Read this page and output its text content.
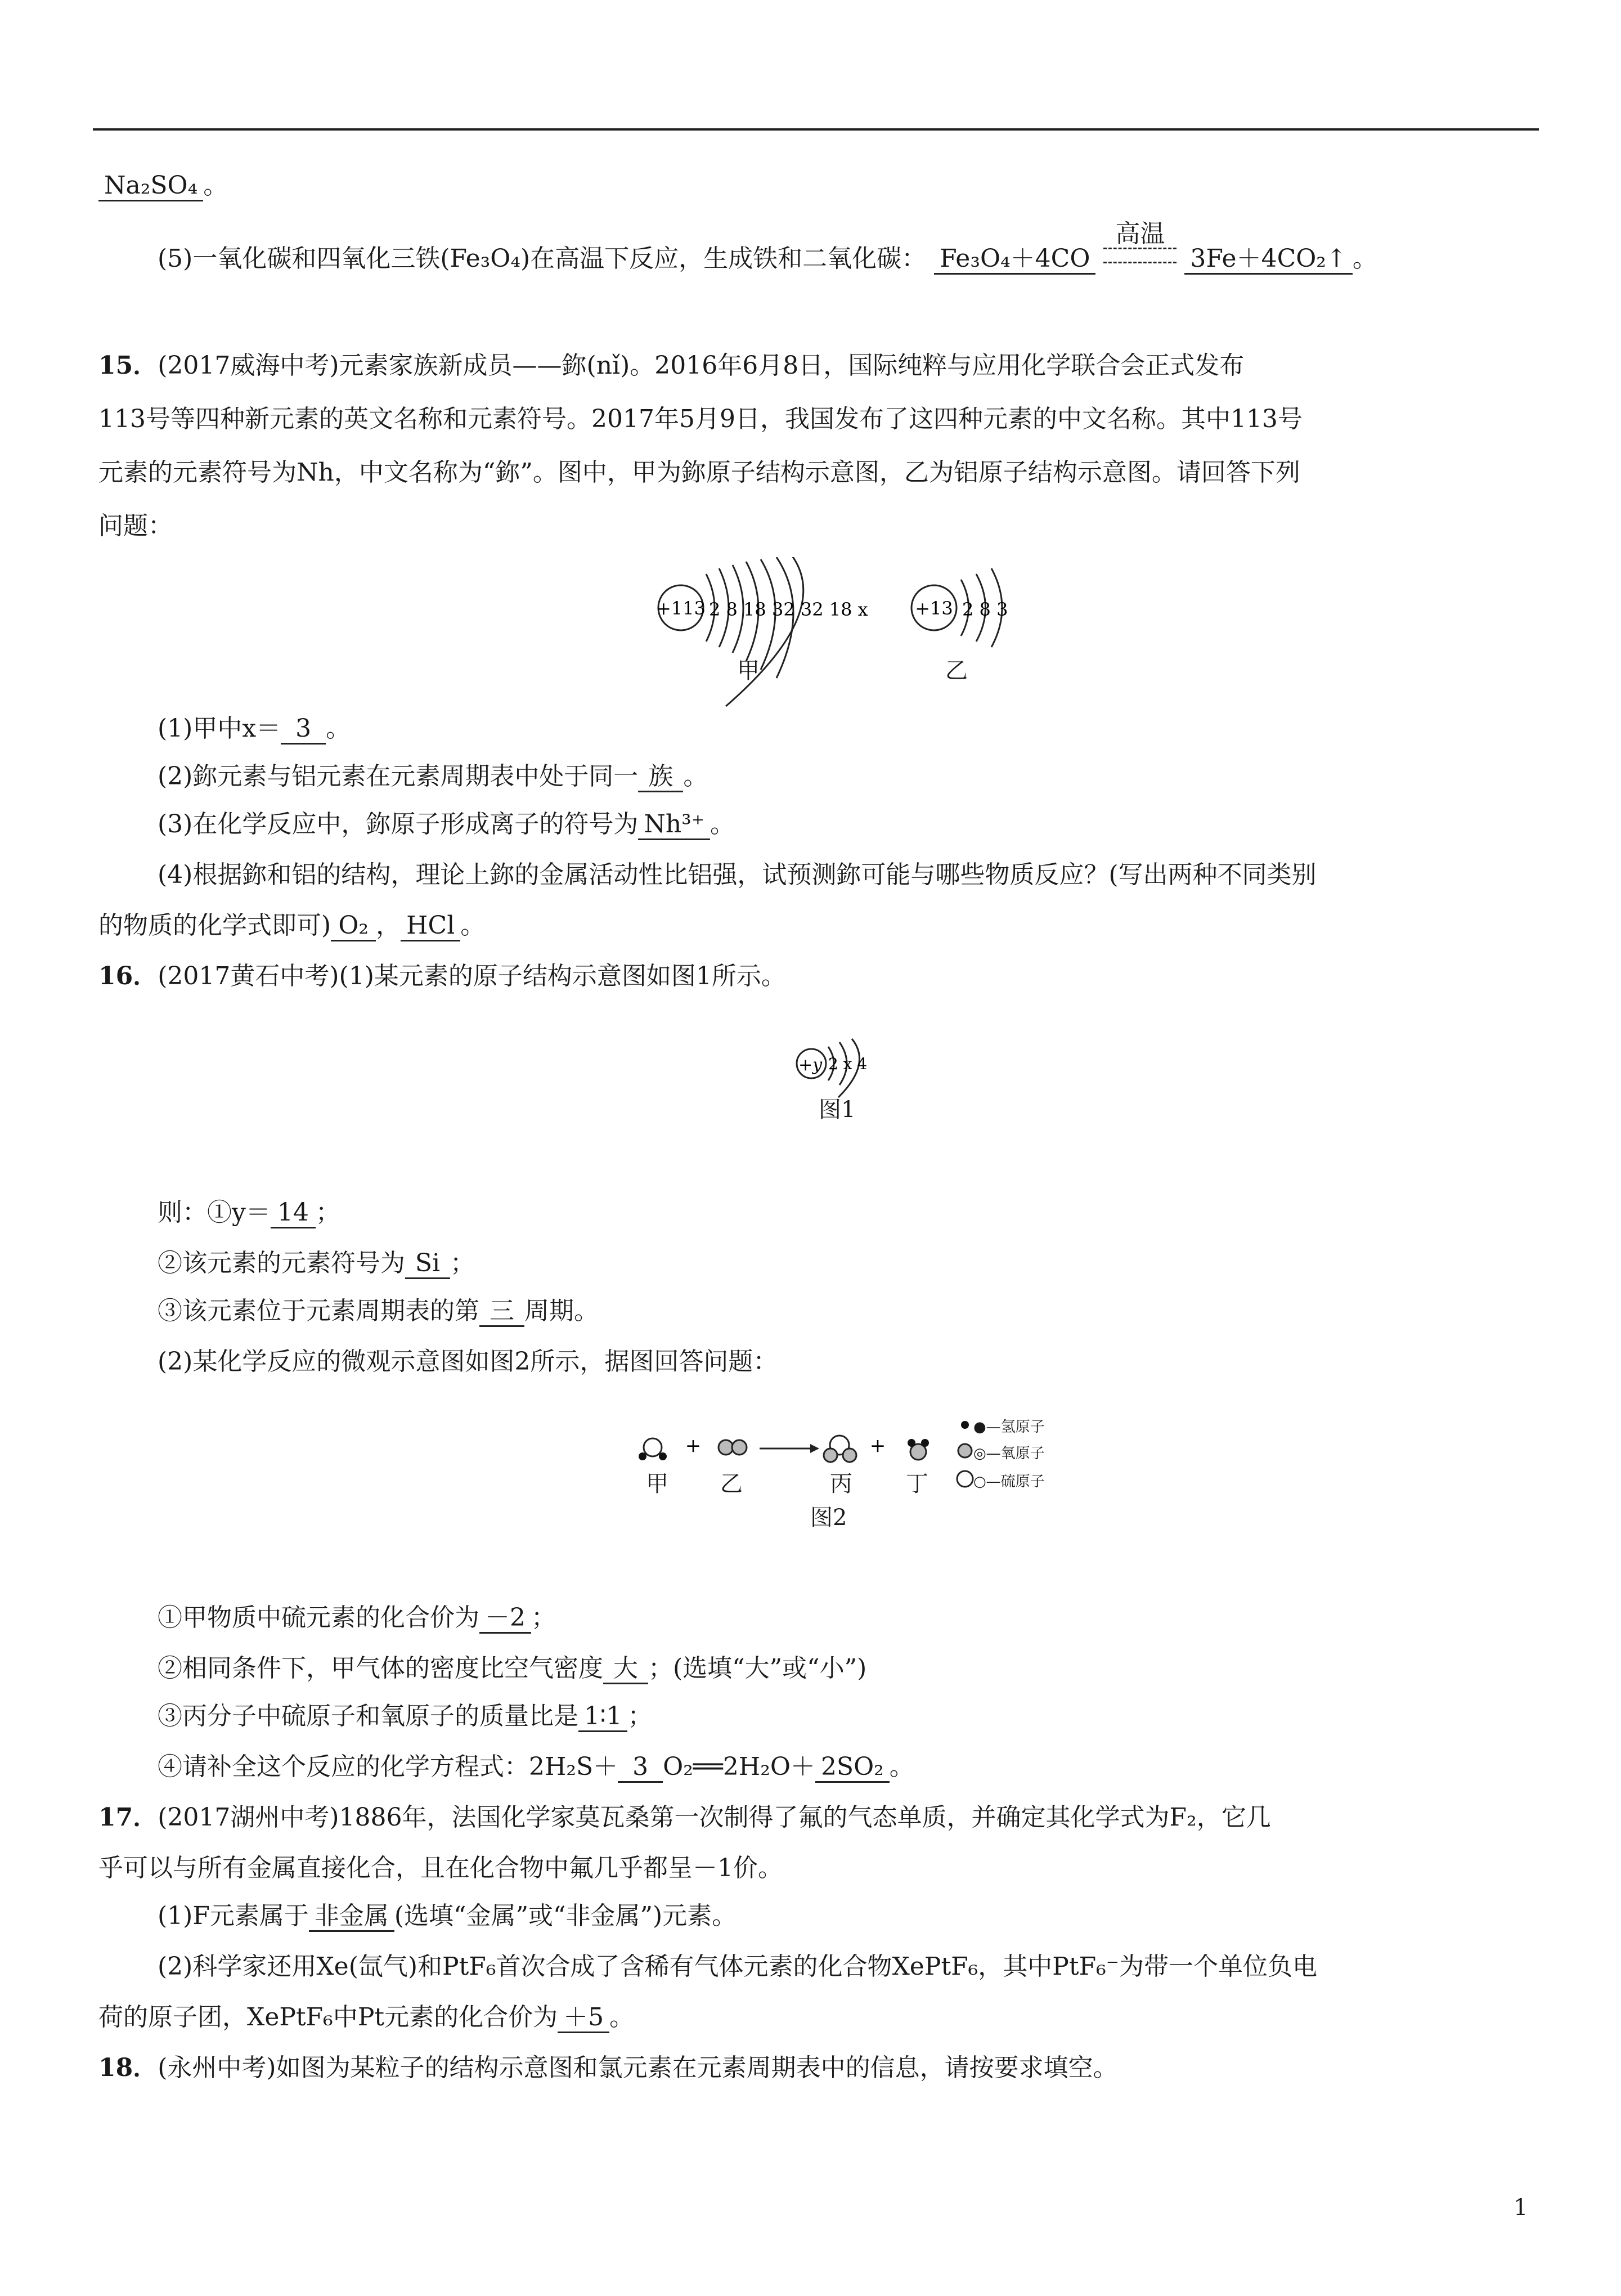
Na₂SO₄ 。
(5)一氧化碳和四氧化三铁(Fe₃O₄)在高温下反应，生成铁和二氧化碳： Fe₃O₄＋4CO
高温
3Fe＋4CO₂↑ 。
15．(2017威海中考)元素家族新成员——鉨(nǐ)。2016年6月8日，国际纯粹与应用化学联合会正式发布
113号等四种新元素的英文名称和元素符号。2017年5月9日，我国发布了这四种元素的中文名称。其中113号
元素的元素符号为Nh，中文名称为“鉨”。图中，甲为鉨原子结构示意图，乙为铝原子结构示意图。请回答下列
问题：
+113 2 8 18 32 32 18 x	+13 2 8 3
甲	乙
(1)甲中x＝ 3 。
(2)鉨元素与铝元素在元素周期表中处于同一 族 。
(3)在化学反应中，鉨原子形成离子的符号为 Nh³⁺ 。
(4)根据鉨和铝的结构，理论上鉨的金属活动性比铝强，试预测鉨可能与哪些物质反应？(写出两种不同类别
的物质的化学式即可) O₂ ， HCl 。
16．(2017黄石中考)(1)某元素的原子结构示意图如图1所示。
+y 2 x 4
图1
则：①y＝ 14 ；
②该元素的元素符号为 Si ；
③该元素位于元素周期表的第 三 周期。
(2)某化学反应的微观示意图如图2所示，据图回答问题：
+	+
甲 乙	丙 丁
图2
●—氢原子
◎—氧原子
○—硫原子
①甲物质中硫元素的化合价为 －2 ；
②相同条件下，甲气体的密度比空气密度 大 ；(选填“大”或“小”)
③丙分子中硫原子和氧原子的质量比是 1∶1 ；
④请补全这个反应的化学方程式：2H₂S＋ 3 O₂══2H₂O＋ 2SO₂ 。
17．(2017湖州中考)1886年，法国化学家莫瓦桑第一次制得了氟的气态单质，并确定其化学式为F₂，它几
乎可以与所有金属直接化合，且在化合物中氟几乎都呈－1价。
(1)F元素属于 非金属 (选填“金属”或“非金属”)元素。
(2)科学家还用Xe(氙气)和PtF₆首次合成了含稀有气体元素的化合物XePtF₆，其中PtF₆⁻为带一个单位负电
荷的原子团，XePtF₆中Pt元素的化合价为 ＋5 。
18．(永州中考)如图为某粒子的结构示意图和氯元素在元素周期表中的信息，请按要求填空。
1
